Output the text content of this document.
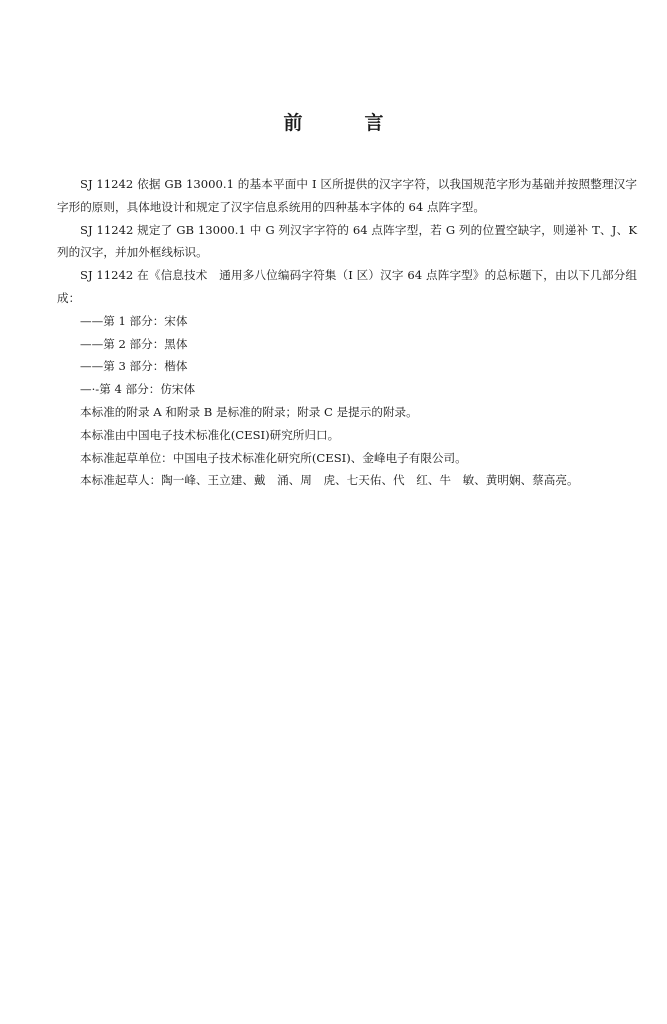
前	言

SJ 11242 依据 GB 13000.1 的基本平面中 I 区所提供的汉字字符，以我国规范字形为基础并按照整理汉字字形的原则，具体地设计和规定了汉字信息系统用的四种基本字体的 64 点阵字型。

SJ 11242 规定了 GB 13000.1 中 G 列汉字字符的 64 点阵字型，若 G 列的位置空缺字，则递补 T、J、K 列的汉字，并加外框线标识。

SJ 11242 在《信息技术　通用多八位编码字符集（I 区）汉字 64 点阵字型》的总标题下，由以下几部分组成：

——第 1 部分：宋体

——第 2 部分：黑体

——第 3 部分：楷体

—·-第 4 部分：仿宋体

本标准的附录 A 和附录 B 是标准的附录；附录 C 是提示的附录。

本标准由中国电子技术标准化(CESI)研究所归口。

本标准起草单位：中国电子技术标准化研究所(CESI)、金峰电子有限公司。

本标准起草人：陶一峰、王立建、戴　涌、周　虎、七天佑、代　红、牛　敏、黄明娴、蔡高亮。
